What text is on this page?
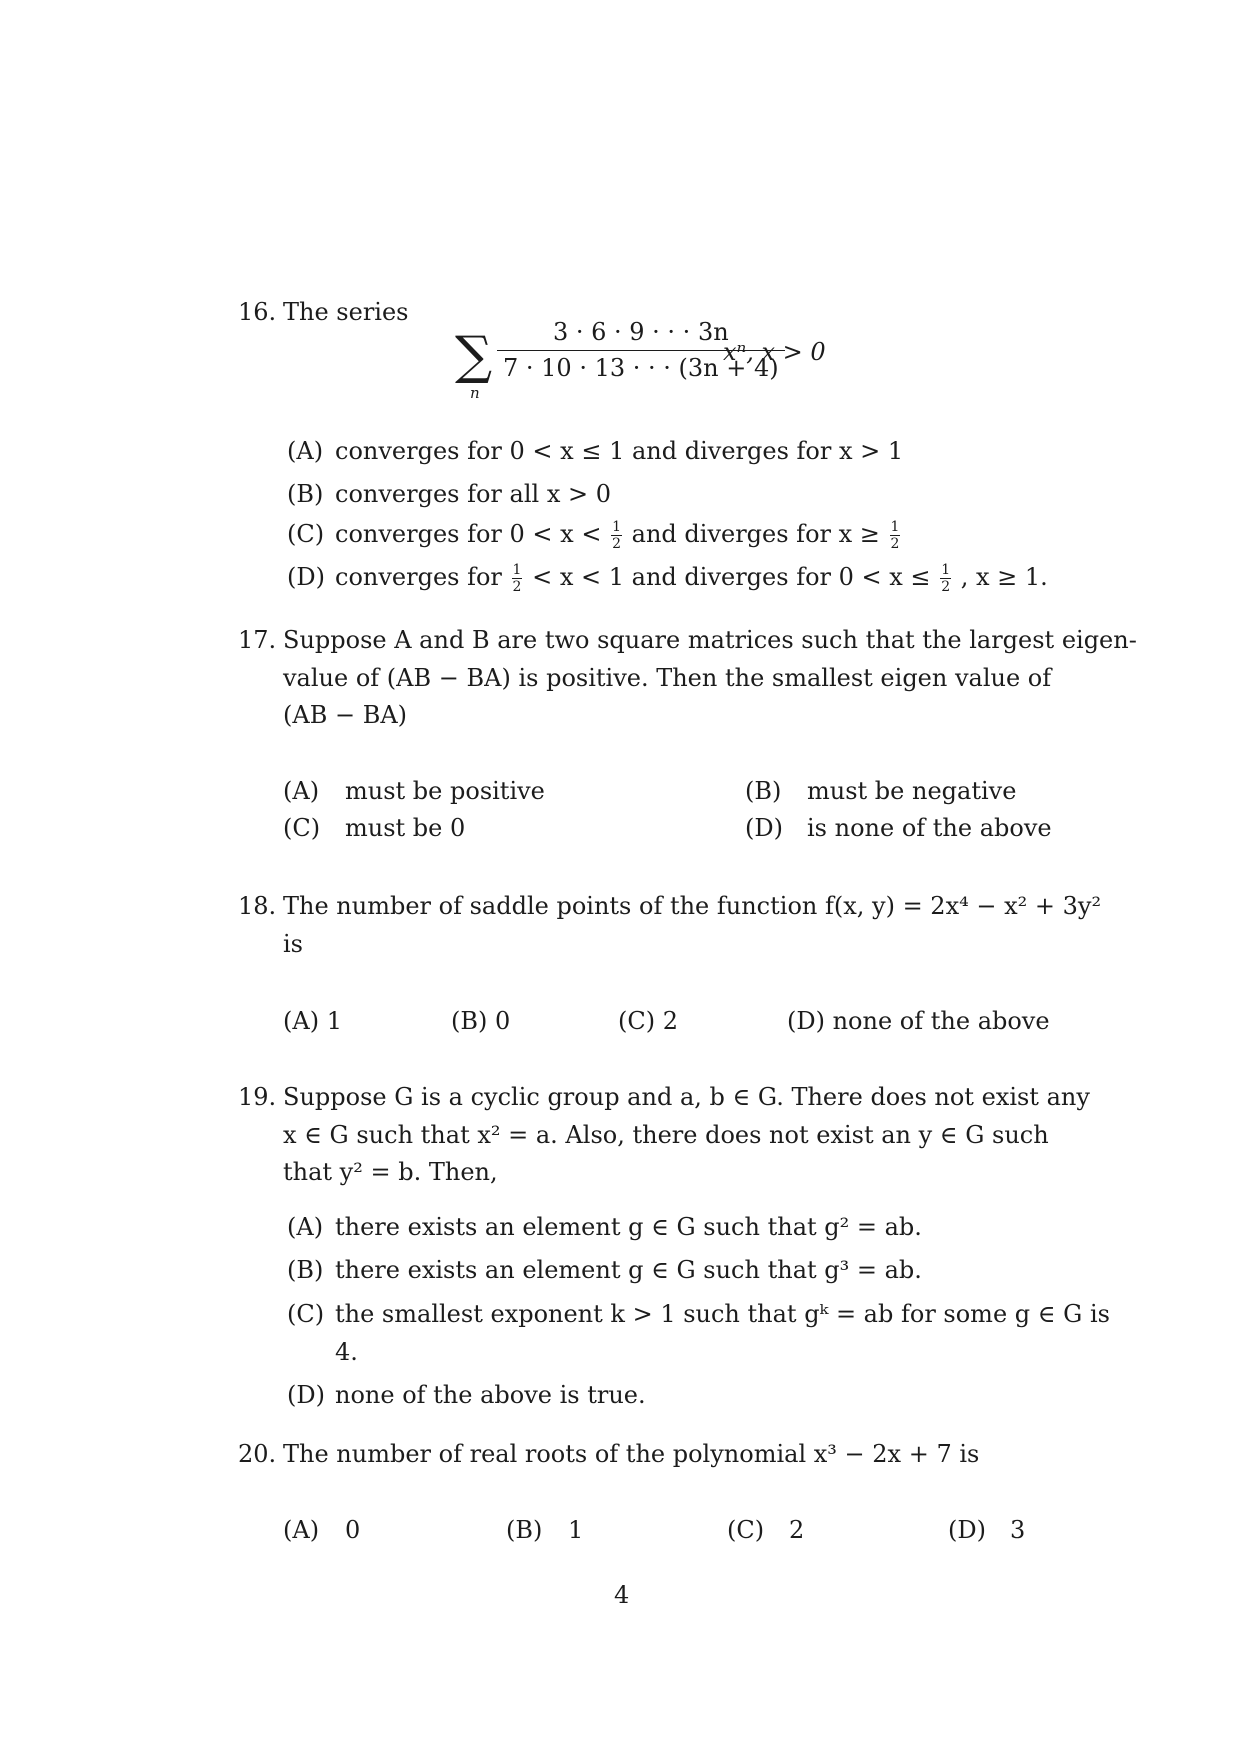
16. The series
∑
n
$\frac{3 \cdot 6 \cdot 9 \cdot \cdot \cdot 3n}{7 \cdot 10 \cdot 13 \cdot \cdot \cdot (3n + 4)}$
xⁿ, x > 0
(A) converges for 0 < x ≤ 1 and diverges for x > 1
(B) converges for all x > 0
(C) converges for $0 < x < \frac{1}{2}$ and diverges for $x \ge \frac{1}{2}$
(D) converges for $\frac{1}{2} < x < 1$ and diverges for $0 < x \le \frac{1}{2}$ , x ≥ 1.
17. Suppose A and B are two square matrices such that the largest eigen-
value of (AB − BA) is positive. Then the smallest eigen value of
(AB − BA)
(A) must be positive	(B) must be negative
(C) must be 0	(D) is none of the above
18. The number of saddle points of the function f(x, y) = 2x⁴ − x² + 3y²
is
(A) 1	(B) 0	(C) 2	(D) none of the above
19. Suppose G is a cyclic group and a, b ∈ G. There does not exist any
x ∈ G such that x² = a. Also, there does not exist an y ∈ G such
that y² = b. Then,
(A) there exists an element g ∈ G such that g² = ab.
(B) there exists an element g ∈ G such that g³ = ab.
(C) the smallest exponent k > 1 such that gᵏ = ab for some g ∈ G is
4.
(D) none of the above is true.
20. The number of real roots of the polynomial x³ − 2x + 7 is
(A) 0	(B) 1	(C) 2	(D) 3
4
